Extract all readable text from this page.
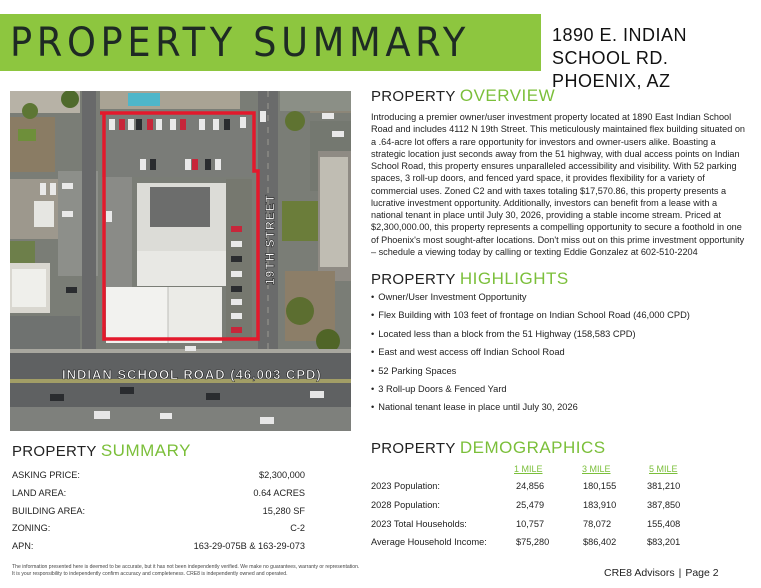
PROPERTY SUMMARY	1890 E. INDIAN SCHOOL RD.
PHOENIX, AZ
19TH STREET
INDIAN SCHOOL ROAD (46,003 CPD)
PROPERTY OVERVIEW
Introducing a premier owner/user investment property located at 1890 East Indian School Road and includes 4112 N 19th Street. This meticulously maintained flex building situated on a .64-acre lot offers a rare opportunity for investors and owner-users alike. Boasting a strategic location just seconds away from the 51 highway, with dual access points on Indian School Road, this property ensures unparalleled accessibility and visibility. With 52 parking spaces, 3 roll-up doors, and fenced yard space, it provides flexibility for a variety of commercial uses. Zoned C2 and with taxes totaling $17,570.86, this property presents a lucrative investment opportunity. Additionally, investors can benefit from a lease with a national tenant in place until July 30, 2026, providing a stable income stream. Priced at $2,300,000.00, this property represents a compelling opportunity to secure a foothold in one of Phoenix's most sought-after locations. Don't miss out on this prime investment opportunity – schedule a viewing today by calling or texting Eddie Gonzalez at 602-510-2204
PROPERTY HIGHLIGHTS
• Owner/User Investment Opportunity
• Flex Building with 103 feet of frontage on Indian School Road (46,000 CPD)
• Located less than a block from the 51 Highway (158,583 CPD)
• East and west access off Indian School Road
• 52 Parking Spaces
• 3 Roll-up Doors & Fenced Yard
• National tenant lease in place until July 30, 2026
PROPERTY SUMMARY
ASKING PRICE:	$2,300,000
LAND AREA:	0.64 ACRES
BUILDING AREA:	15,280 SF
ZONING:	C-2
APN:	163-29-075B & 163-29-073
PROPERTY DEMOGRAPHICS
1 MILE	3 MILE	5 MILE
2023 Population:	24,856	180,155	381,210
2028 Population:	25,479	183,910	387,850
2023 Total Households:	10,757	78,072	155,408
Average Household Income:	$75,280	$86,402	$83,201
The information presented here is deemed to be accurate, but it has not been independently verified. We make no guarantees, warranty or representation. It is your responsibility to independently confirm accuracy and completeness. CRE8 is independently owned and operated.	CRE8 Advisors | Page 2
